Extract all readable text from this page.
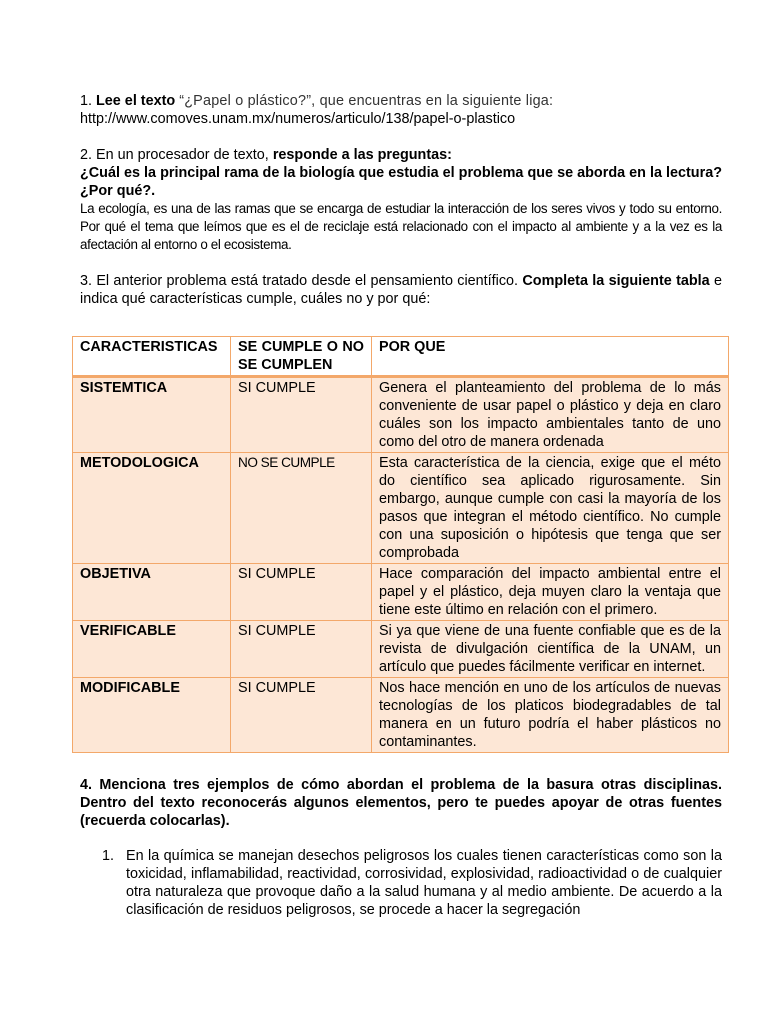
1. Lee el texto “¿Papel o plástico?”, que encuentras en la siguiente liga:

http://www.comoves.unam.mx/numeros/articulo/138/papel-o-plastico

2. En un procesador de texto, responde a las preguntas:

¿Cuál es la principal rama de la biología que estudia el problema que se aborda en la lectura? ¿Por qué?.

La ecología, es una de las ramas que se encarga de estudiar la interacción de los seres vivos y todo su entorno. Por qué el tema que leímos que es el de reciclaje está relacionado con el impacto al ambiente y a la vez es la afectación al entorno o el ecosistema.

3. El anterior problema está tratado desde el pensamiento científico. Completa la siguiente tabla e indica qué características cumple, cuáles no y por qué:

CARACTERISTICAS	SE CUMPLE O NO SE CUMPLEN	POR QUE
SISTEMTICA	SI CUMPLE	Genera el planteamiento del problema de lo más conveniente de usar papel o plástico y deja en claro cuáles son los impacto ambientales tanto de uno como del otro de manera ordenada
METODOLOGICA	NO SE CUMPLE	Esta característica de la ciencia, exige que el méto do científico sea aplicado rigurosamente. Sin embargo, aunque cumple con casi la mayoría de los pasos que integran el método científico. No cumple con una suposición o hipótesis que tenga que ser comprobada
OBJETIVA	SI CUMPLE	Hace comparación del impacto ambiental entre el papel y el plástico, deja muyen claro la ventaja que tiene este último en relación con el primero.
VERIFICABLE	SI CUMPLE	Si ya que viene de una fuente confiable que es de la revista de divulgación científica de la UNAM, un artículo que puedes fácilmente verificar en internet.
MODIFICABLE	SI CUMPLE	Nos hace mención en uno de los artículos de nuevas tecnologías de los platicos biodegradables de tal manera en un futuro podría el haber plásticos no contaminantes.

4. Menciona tres ejemplos de cómo abordan el problema de la basura otras disciplinas. Dentro del texto reconocerás algunos elementos, pero te puedes apoyar de otras fuentes (recuerda colocarlas).

1. En la química se manejan desechos peligrosos los cuales tienen características como son la toxicidad, inflamabilidad, reactividad, corrosividad, explosividad, radioactividad o de cualquier otra naturaleza que provoque daño a la salud humana y al medio ambiente. De acuerdo a la clasificación de residuos peligrosos, se procede a hacer la segregación
